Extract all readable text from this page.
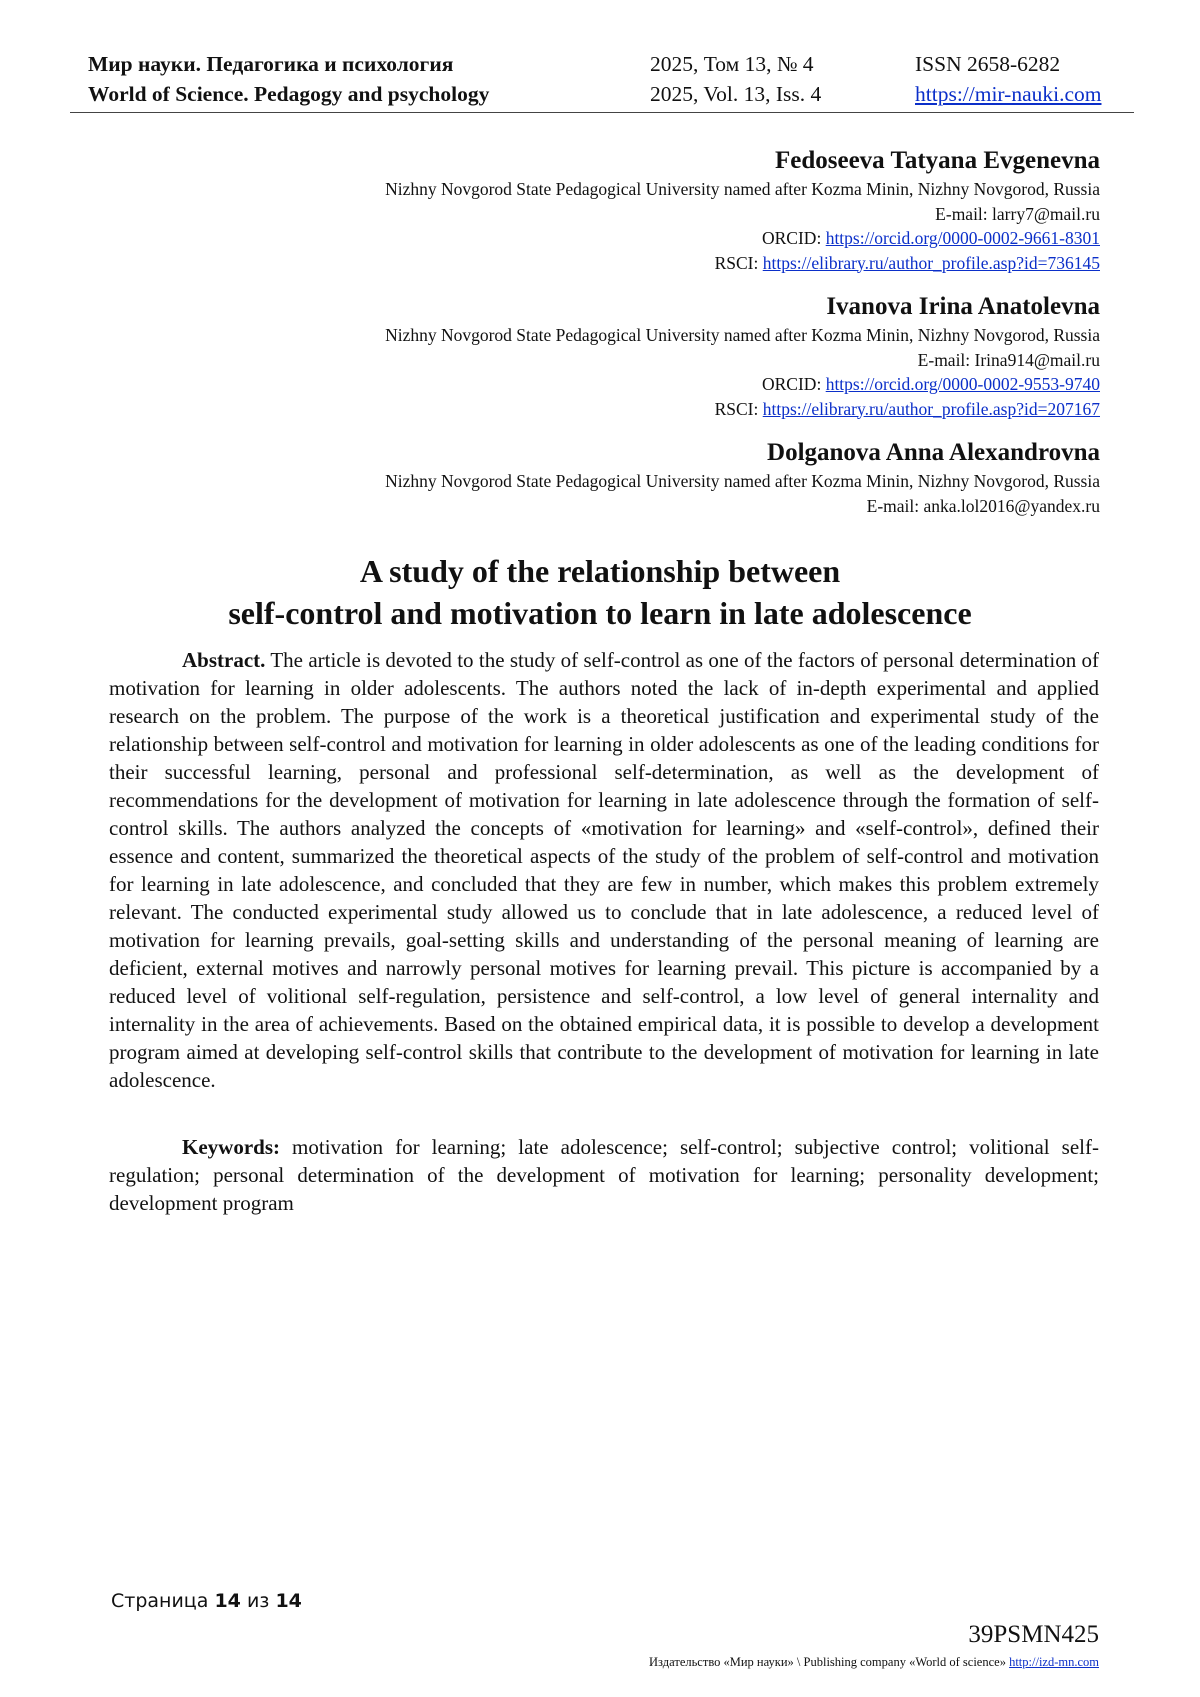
Мир науки. Педагогика и психология
World of Science. Pedagogy and psychology
2025, Том 13, № 4
2025, Vol. 13, Iss. 4
ISSN 2658-6282
https://mir-nauki.com
Fedoseeva Tatyana Evgenevna
Nizhny Novgorod State Pedagogical University named after Kozma Minin, Nizhny Novgorod, Russia
E-mail: larry7@mail.ru
ORCID: https://orcid.org/0000-0002-9661-8301
RSCI: https://elibrary.ru/author_profile.asp?id=736145
Ivanova Irina Anatolevna
Nizhny Novgorod State Pedagogical University named after Kozma Minin, Nizhny Novgorod, Russia
E-mail: Irina914@mail.ru
ORCID: https://orcid.org/0000-0002-9553-9740
RSCI: https://elibrary.ru/author_profile.asp?id=207167
Dolganova Anna Alexandrovna
Nizhny Novgorod State Pedagogical University named after Kozma Minin, Nizhny Novgorod, Russia
E-mail: anka.lol2016@yandex.ru
A study of the relationship between
self-control and motivation to learn in late adolescence

Abstract. The article is devoted to the study of self-control as one of the factors of personal determination of motivation for learning in older adolescents. The authors noted the lack of in-depth experimental and applied research on the problem. The purpose of the work is a theoretical justification and experimental study of the relationship between self-control and motivation for learning in older adolescents as one of the leading conditions for their successful learning, personal and professional self-determination, as well as the development of recommendations for the development of motivation for learning in late adolescence through the formation of self-control skills. The authors analyzed the concepts of «motivation for learning» and «self-control», defined their essence and content, summarized the theoretical aspects of the study of the problem of self-control and motivation for learning in late adolescence, and concluded that they are few in number, which makes this problem extremely relevant. The conducted experimental study allowed us to conclude that in late adolescence, a reduced level of motivation for learning prevails, goal-setting skills and understanding of the personal meaning of learning are deficient, external motives and narrowly personal motives for learning prevail. This picture is accompanied by a reduced level of volitional self-regulation, persistence and self-control, a low level of general internality and internality in the area of achievements. Based on the obtained empirical data, it is possible to develop a development program aimed at developing self-control skills that contribute to the development of motivation for learning in late adolescence.

Keywords: motivation for learning; late adolescence; self-control; subjective control; volitional self-regulation; personal determination of the development of motivation for learning; personality development; development program

Страница 14 из 14
39PSMN425
Издательство «Мир науки» \ Publishing company «World of science» http://izd-mn.com
